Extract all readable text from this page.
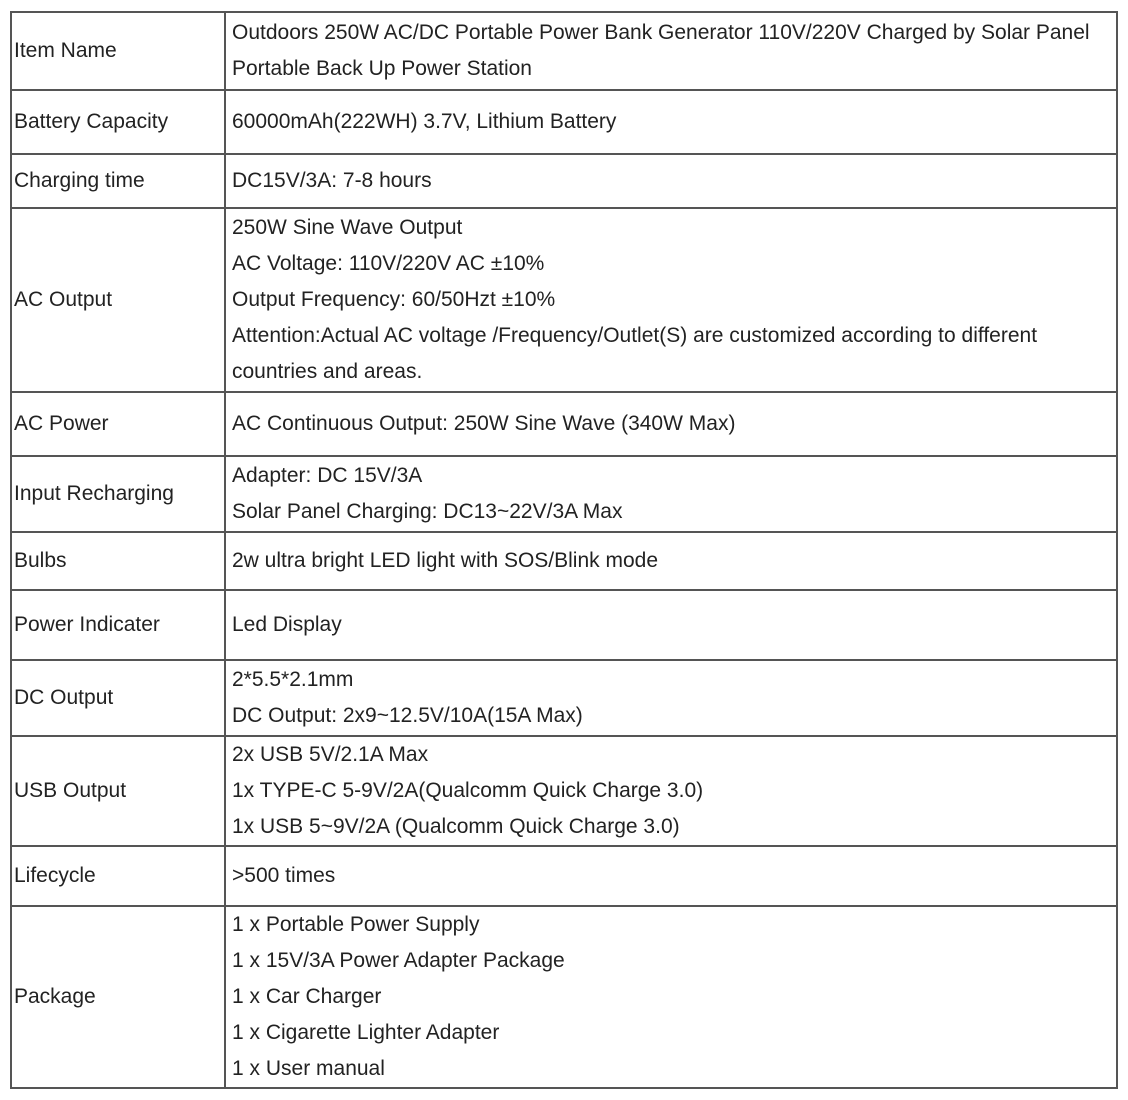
Item Name	Outdoors 250W AC/DC Portable Power Bank Generator 110V/220V Charged by Solar Panel Portable Back Up Power Station

Battery Capacity	60000mAh(222WH) 3.7V, Lithium Battery

Charging time	DC15V/3A: 7-8 hours

AC Output	250W Sine Wave Output
AC Voltage: 110V/220V AC ±10%
Output Frequency: 60/50Hzt ±10%
Attention:Actual AC voltage /Frequency/Outlet(S) are customized according to different countries and areas.

AC Power	AC Continuous Output: 250W Sine Wave (340W Max)

Input Recharging	Adapter: DC 15V/3A
Solar Panel Charging: DC13~22V/3A Max

Bulbs	2w ultra bright LED light with SOS/Blink mode

Power Indicater	Led Display

DC Output	2*5.5*2.1mm
DC Output: 2x9~12.5V/10A(15A Max)

USB Output	2x USB 5V/2.1A Max
1x TYPE-C 5-9V/2A(Qualcomm Quick Charge 3.0)
1x USB 5~9V/2A (Qualcomm Quick Charge 3.0)

Lifecycle	>500 times

Package	1 x Portable Power Supply
1 x 15V/3A Power Adapter Package
1 x Car Charger
1 x Cigarette Lighter Adapter
1 x User manual
